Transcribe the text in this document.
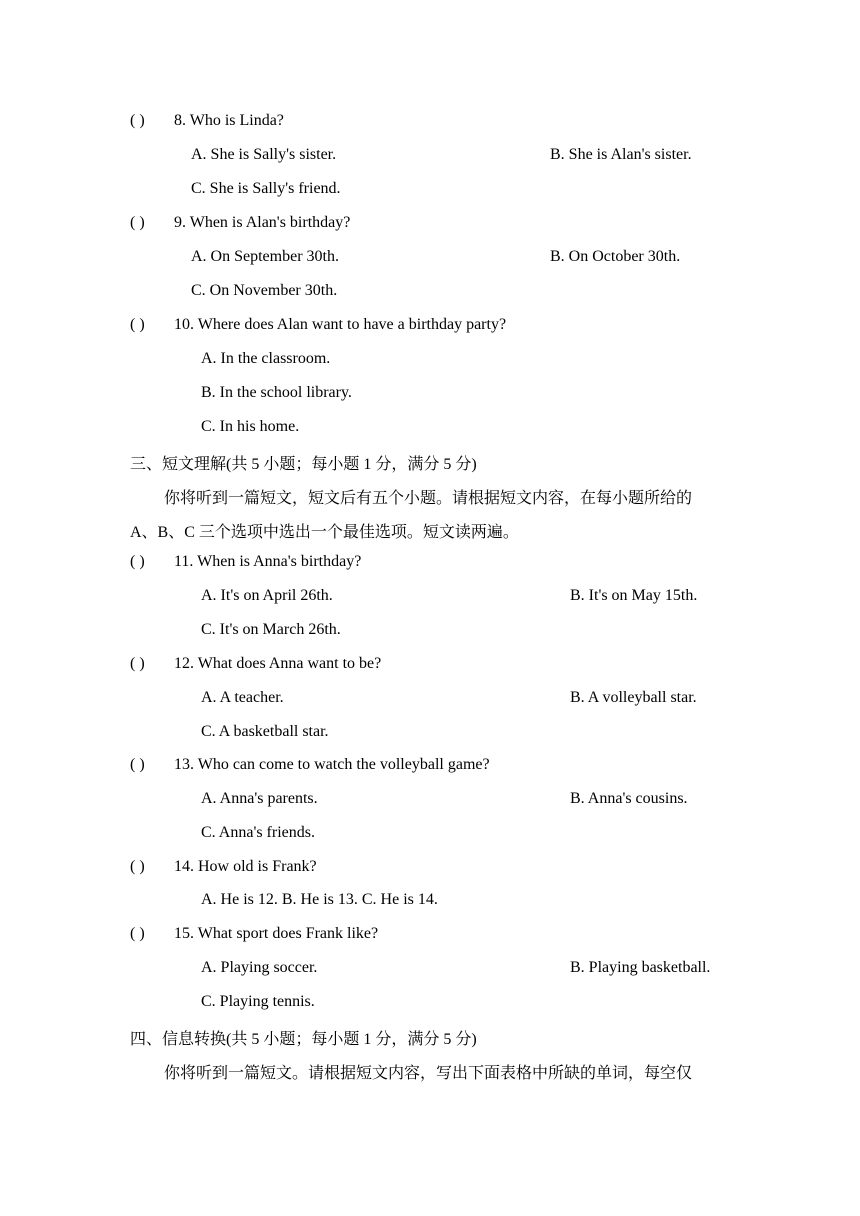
( ) 8. Who is Linda?
A. She is Sally's sister.	B. She is Alan's sister.
C. She is Sally's friend.
( ) 9. When is Alan's birthday?
A. On September 30th.	B. On October 30th.
C. On November 30th.
( ) 10. Where does Alan want to have a birthday party?
A. In the classroom.
B. In the school library.
C. In his home.
三、短文理解(共 5 小题；每小题 1 分，满分 5 分)
你将听到一篇短文，短文后有五个小题。请根据短文内容，在每小题所给的
A、B、C 三个选项中选出一个最佳选项。短文读两遍。
( ) 11. When is Anna's birthday?
A. It's on April 26th.	B. It's on May 15th.
C. It's on March 26th.
( ) 12. What does Anna want to be?
A. A teacher.	B. A volleyball star.
C. A basketball star.
( ) 13. Who can come to watch the volleyball game?
A. Anna's parents.	B. Anna's cousins.
C. Anna's friends.
( ) 14. How old is Frank?
A. He is 12. B. He is 13. C. He is 14.
( ) 15. What sport does Frank like?
A. Playing soccer.	B. Playing basketball.
C. Playing tennis.
四、信息转换(共 5 小题；每小题 1 分，满分 5 分)
你将听到一篇短文。请根据短文内容，写出下面表格中所缺的单词，每空仅
